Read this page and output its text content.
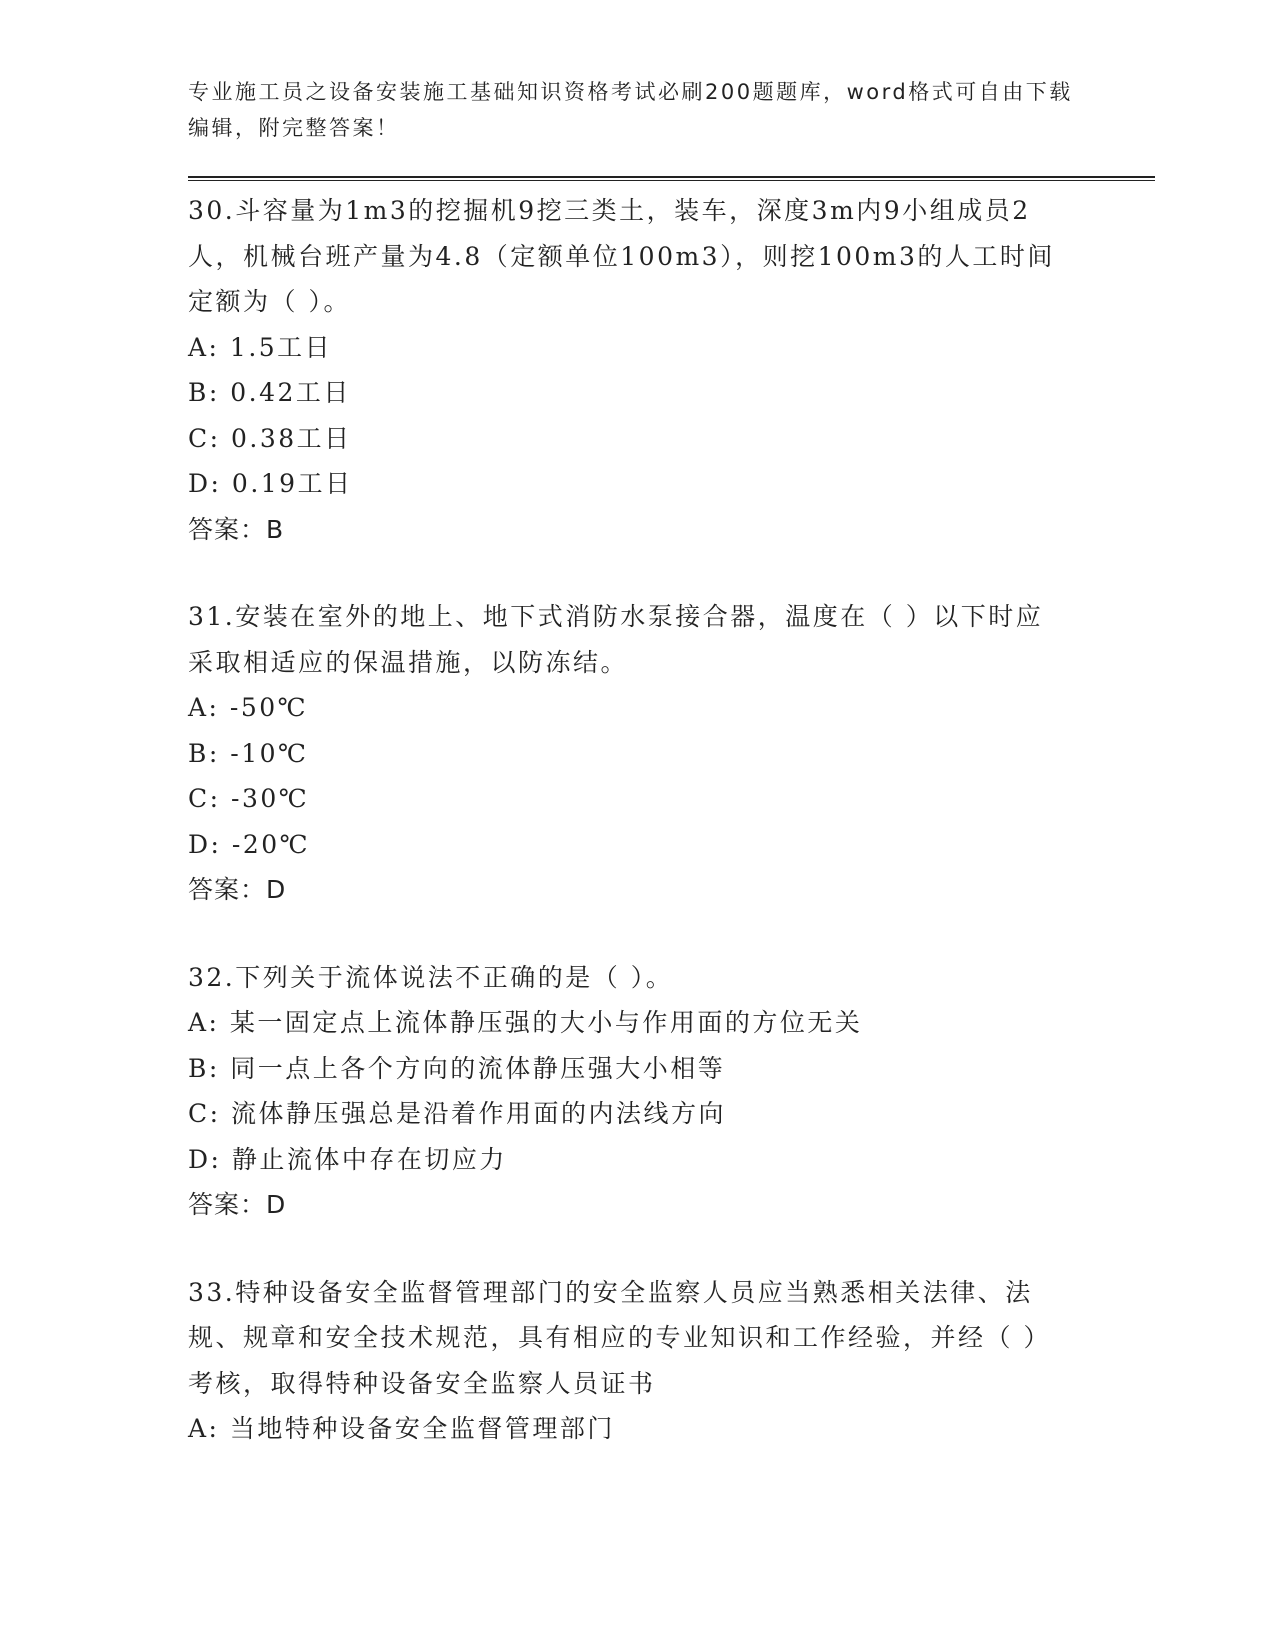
专业施工员之设备安装施工基础知识资格考试必刷200题题库，word格式可自由下载编辑，附完整答案！
30.斗容量为1m3的挖掘机9挖三类土，装车，深度3m内9小组成员2人，机械台班产量为4.8（定额单位100m3），则挖100m3的人工时间定额为（ ）。
A: 1.5工日
B: 0.42工日
C: 0.38工日
D: 0.19工日
答案：B
31.安装在室外的地上、地下式消防水泵接合器，温度在（ ）以下时应采取相适应的保温措施，以防冻结。
A: -50℃
B: -10℃
C: -30℃
D: -20℃
答案：D
32.下列关于流体说法不正确的是（ ）。
A: 某一固定点上流体静压强的大小与作用面的方位无关
B: 同一点上各个方向的流体静压强大小相等
C: 流体静压强总是沿着作用面的内法线方向
D: 静止流体中存在切应力
答案：D
33.特种设备安全监督管理部门的安全监察人员应当熟悉相关法律、法规、规章和安全技术规范，具有相应的专业知识和工作经验，并经（ ）考核，取得特种设备安全监察人员证书
A: 当地特种设备安全监督管理部门
